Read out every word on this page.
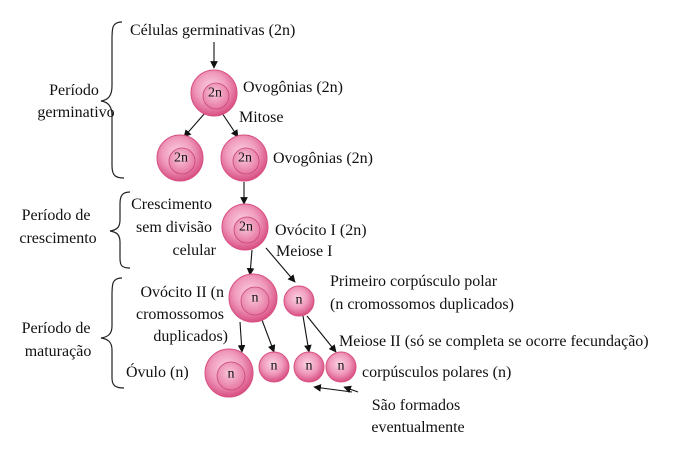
Período germinativo
Período de crescimento
Período de maturação
Células germinativas (2n)
Ovogônias (2n)
Mitose
Ovogônias (2n)
Crescimento sem divisão celular
Ovócito I (2n)
Meiose I
Primeiro corpúsculo polar (n cromossomos duplicados)
Ovócito II (n cromossomos duplicados)	Meiose II (só se completa se ocorre fecundação)
Óvulo (n)	corpúsculos polares (n)
São formados eventualmente
2n
2n	2n
2n
n	n
n
n n n
